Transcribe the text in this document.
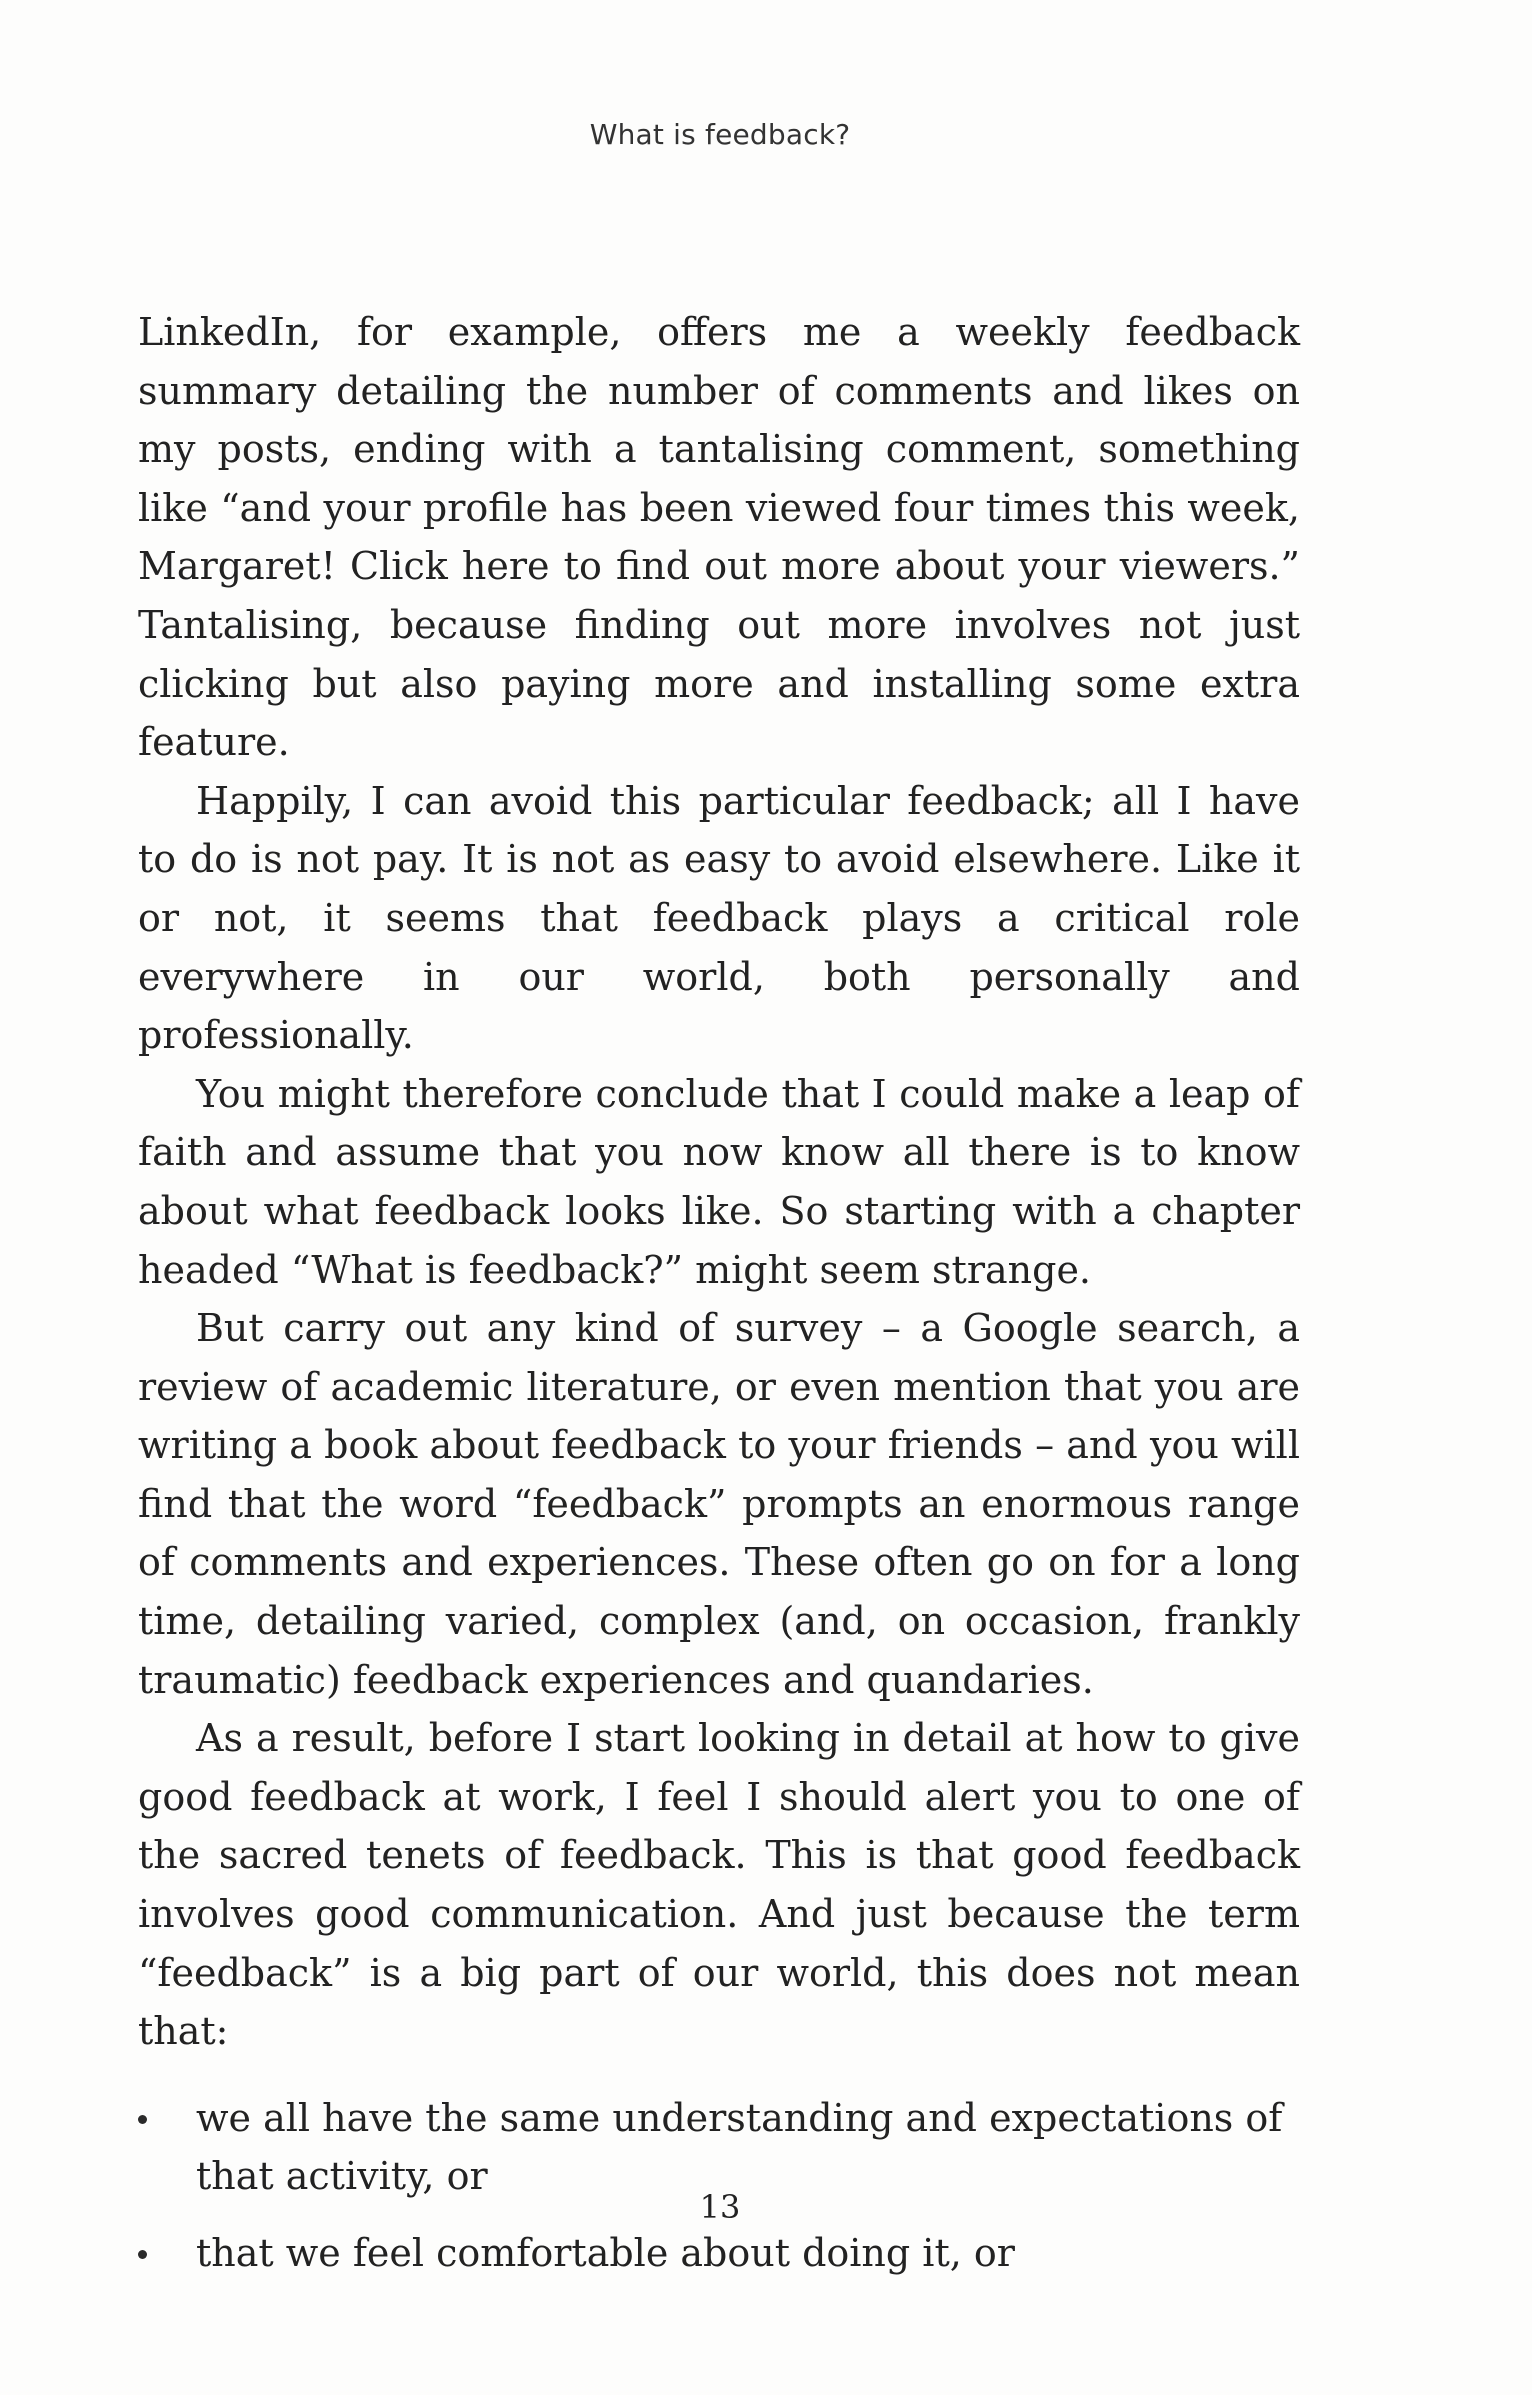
What is feedback?

LinkedIn, for example, offers me a weekly feedback summary detailing the number of comments and likes on my posts, ending with a tantalising comment, something like “and your profile has been viewed four times this week, Margaret! Click here to find out more about your viewers.” Tantalising, because finding out more involves not just clicking but also paying more and installing some extra feature.

Happily, I can avoid this particular feedback; all I have to do is not pay. It is not as easy to avoid elsewhere. Like it or not, it seems that feedback plays a critical role everywhere in our world, both personally and professionally.

You might therefore conclude that I could make a leap of faith and assume that you now know all there is to know about what feedback looks like. So starting with a chapter headed “What is feedback?” might seem strange.

But carry out any kind of survey – a Google search, a review of academic literature, or even mention that you are writing a book about feedback to your friends – and you will find that the word “feedback” prompts an enormous range of comments and experiences. These often go on for a long time, detailing varied, complex (and, on occasion, frankly traumatic) feedback experiences and quandaries.

As a result, before I start looking in detail at how to give good feedback at work, I feel I should alert you to one of the sacred tenets of feedback. This is that good feedback involves good communication. And just because the term “feedback” is a big part of our world, this does not mean that:

we all have the same understanding and expectations of that activity, or
that we feel comfortable about doing it, or
13
